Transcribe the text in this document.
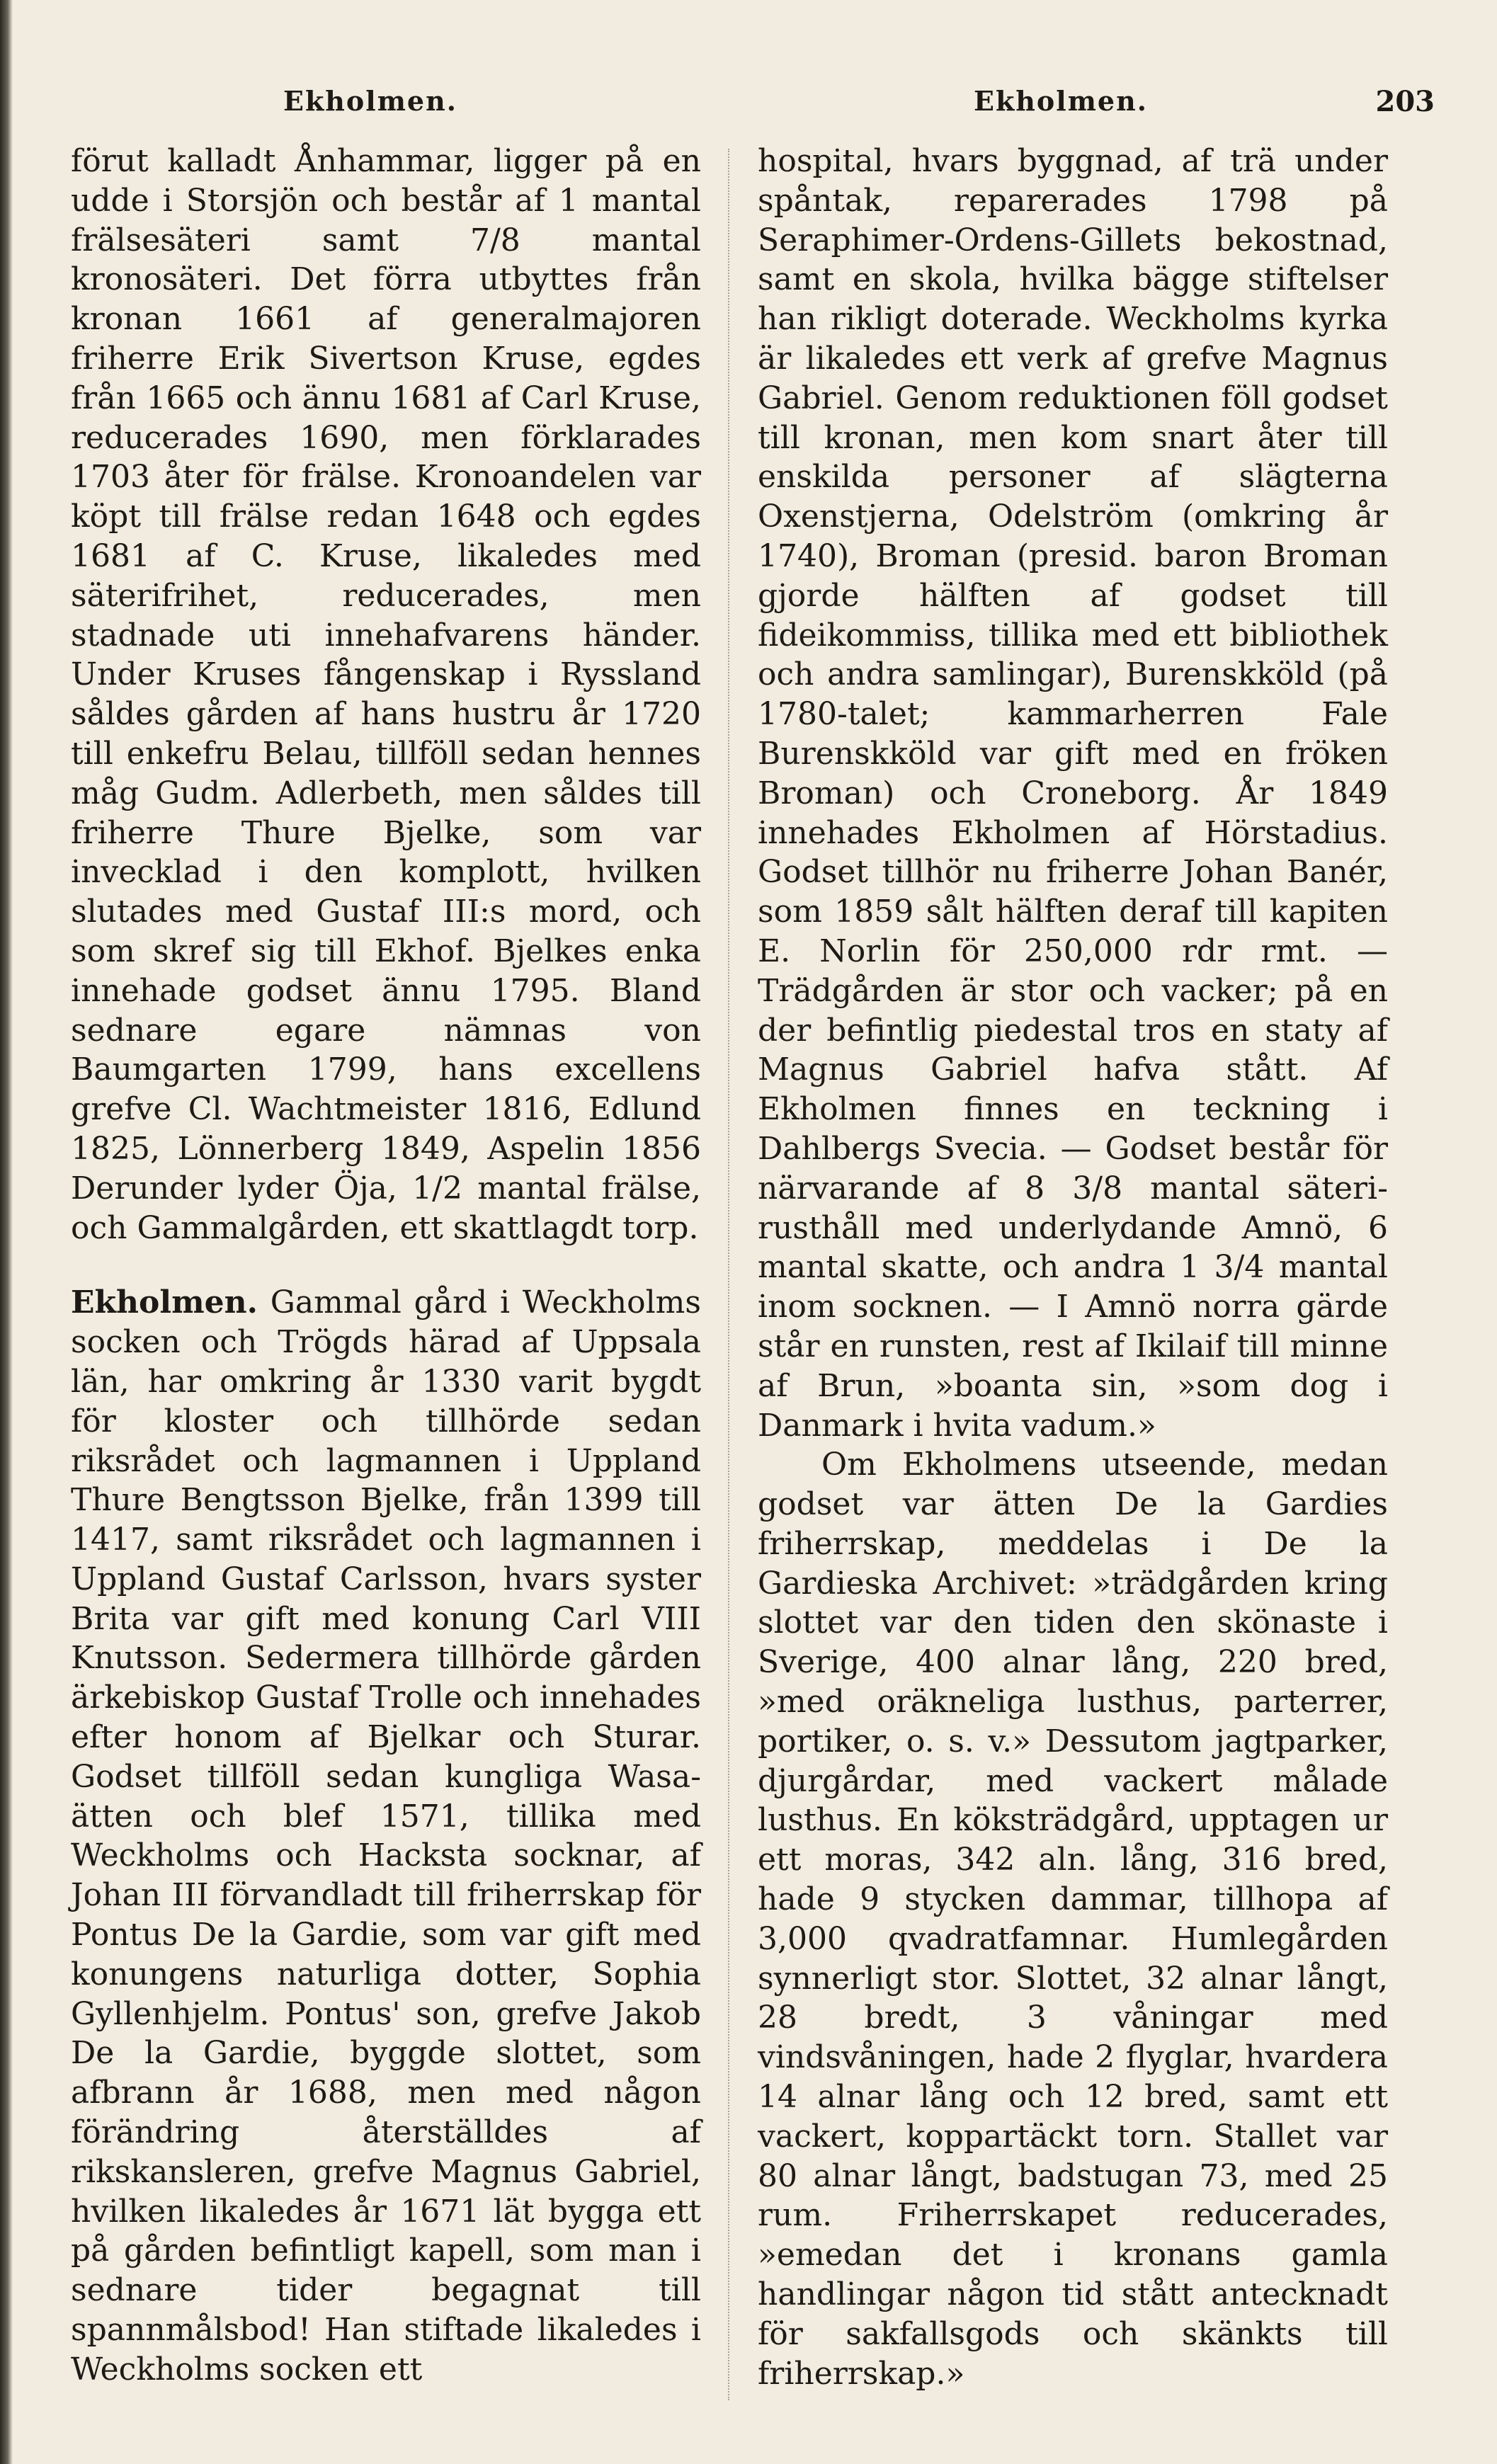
Ekholmen.	Ekholmen.	203

förut kalladt Ånhammar, ligger på en udde i Storsjön och består af 1 mantal frälsesäteri samt 7/8 mantal kronosäteri. Det förra utbyttes från kronan 1661 af generalmajoren friherre Erik Sivertson Kruse, egdes från 1665 och ännu 1681 af Carl Kruse, reducerades 1690, men förklarades 1703 åter för frälse. Kronoandelen var köpt till frälse redan 1648 och egdes 1681 af C. Kruse, likaledes med säterifrihet, reducerades, men stadnade uti innehafvarens händer. Under Kruses fångenskap i Ryssland såldes gården af hans hustru år 1720 till enkefru Belau, tillföll sedan hennes måg Gudm. Adlerbeth, men såldes till friherre Thure Bjelke, som var invecklad i den komplott, hvilken slutades med Gustaf III:s mord, och som skref sig till Ekhof. Bjelkes enka innehade godset ännu 1795. Bland sednare egare nämnas von Baumgarten 1799, hans excellens grefve Cl. Wachtmeister 1816, Edlund 1825, Lönnerberg 1849, Aspelin 1856 Derunder lyder Öja, 1/2 mantal frälse, och Gammalgården, ett skattlagdt torp.

Ekholmen. Gammal gård i Weckholms socken och Trögds härad af Uppsala län, har omkring år 1330 varit bygdt för kloster och tillhörde sedan riksrådet och lagmannen i Uppland Thure Bengtsson Bjelke, från 1399 till 1417, samt riksrådet och lagmannen i Uppland Gustaf Carlsson, hvars syster Brita var gift med konung Carl VIII Knutsson. Sedermera tillhörde gården ärkebiskop Gustaf Trolle och innehades efter honom af Bjelkar och Sturar. Godset tillföll sedan kungliga Wasa-ätten och blef 1571, tillika med Weckholms och Hacksta socknar, af Johan III förvandladt till friherrskap för Pontus De la Gardie, som var gift med konungens naturliga dotter, Sophia Gyllenhjelm. Pontus' son, grefve Jakob De la Gardie, byggde slottet, som afbrann år 1688, men med någon förändring återställdes af rikskansleren, grefve Magnus Gabriel, hvilken likaledes år 1671 lät bygga ett på gården befintligt kapell, som man i sednare tider begagnat till spannmålsbod! Han stiftade likaledes i Weckholms socken ett

hospital, hvars byggnad, af trä under spåntak, reparerades 1798 på Seraphimer-Ordens-Gillets bekostnad, samt en skola, hvilka bägge stiftelser han rikligt doterade. Weckholms kyrka är likaledes ett verk af grefve Magnus Gabriel. Genom reduktionen föll godset till kronan, men kom snart åter till enskilda personer af slägterna Oxenstjerna, Odelström (omkring år 1740), Broman (presid. baron Broman gjorde hälften af godset till fideikommiss, tillika med ett bibliothek och andra samlingar), Burenskköld (på 1780-talet; kammarherren Fale Burenskköld var gift med en fröken Broman) och Croneborg. År 1849 innehades Ekholmen af Hörstadius. Godset tillhör nu friherre Johan Banér, som 1859 sålt hälften deraf till kapiten E. Norlin för 250,000 rdr rmt. — Trädgården är stor och vacker; på en der befintlig piedestal tros en staty af Magnus Gabriel hafva stått. Af Ekholmen finnes en teckning i Dahlbergs Svecia. — Godset består för närvarande af 8 3/8 mantal säteri-rusthåll med underlydande Amnö, 6 mantal skatte, och andra 1 3/4 mantal inom socknen. — I Amnö norra gärde står en runsten, rest af Ikilaif till minne af Brun, »boanta sin, »som dog i Danmark i hvita vadum.»

Om Ekholmens utseende, medan godset var ätten De la Gardies friherrskap, meddelas i De la Gardieska Archivet: »trädgården kring slottet var den tiden den skönaste i Sverige, 400 alnar lång, 220 bred, »med oräkneliga lusthus, parterrer, portiker, o. s. v.» Dessutom jagtparker, djurgårdar, med vackert målade lusthus. En köksträdgård, upptagen ur ett moras, 342 aln. lång, 316 bred, hade 9 stycken dammar, tillhopa af 3,000 qvadratfamnar. Humlegården synnerligt stor. Slottet, 32 alnar långt, 28 bredt, 3 våningar med vindsvåningen, hade 2 flyglar, hvardera 14 alnar lång och 12 bred, samt ett vackert, koppartäckt torn. Stallet var 80 alnar långt, badstugan 73, med 25 rum. Friherrskapet reducerades, »emedan det i kronans gamla handlingar någon tid stått antecknadt för sakfallsgods och skänkts till friherrskap.»
